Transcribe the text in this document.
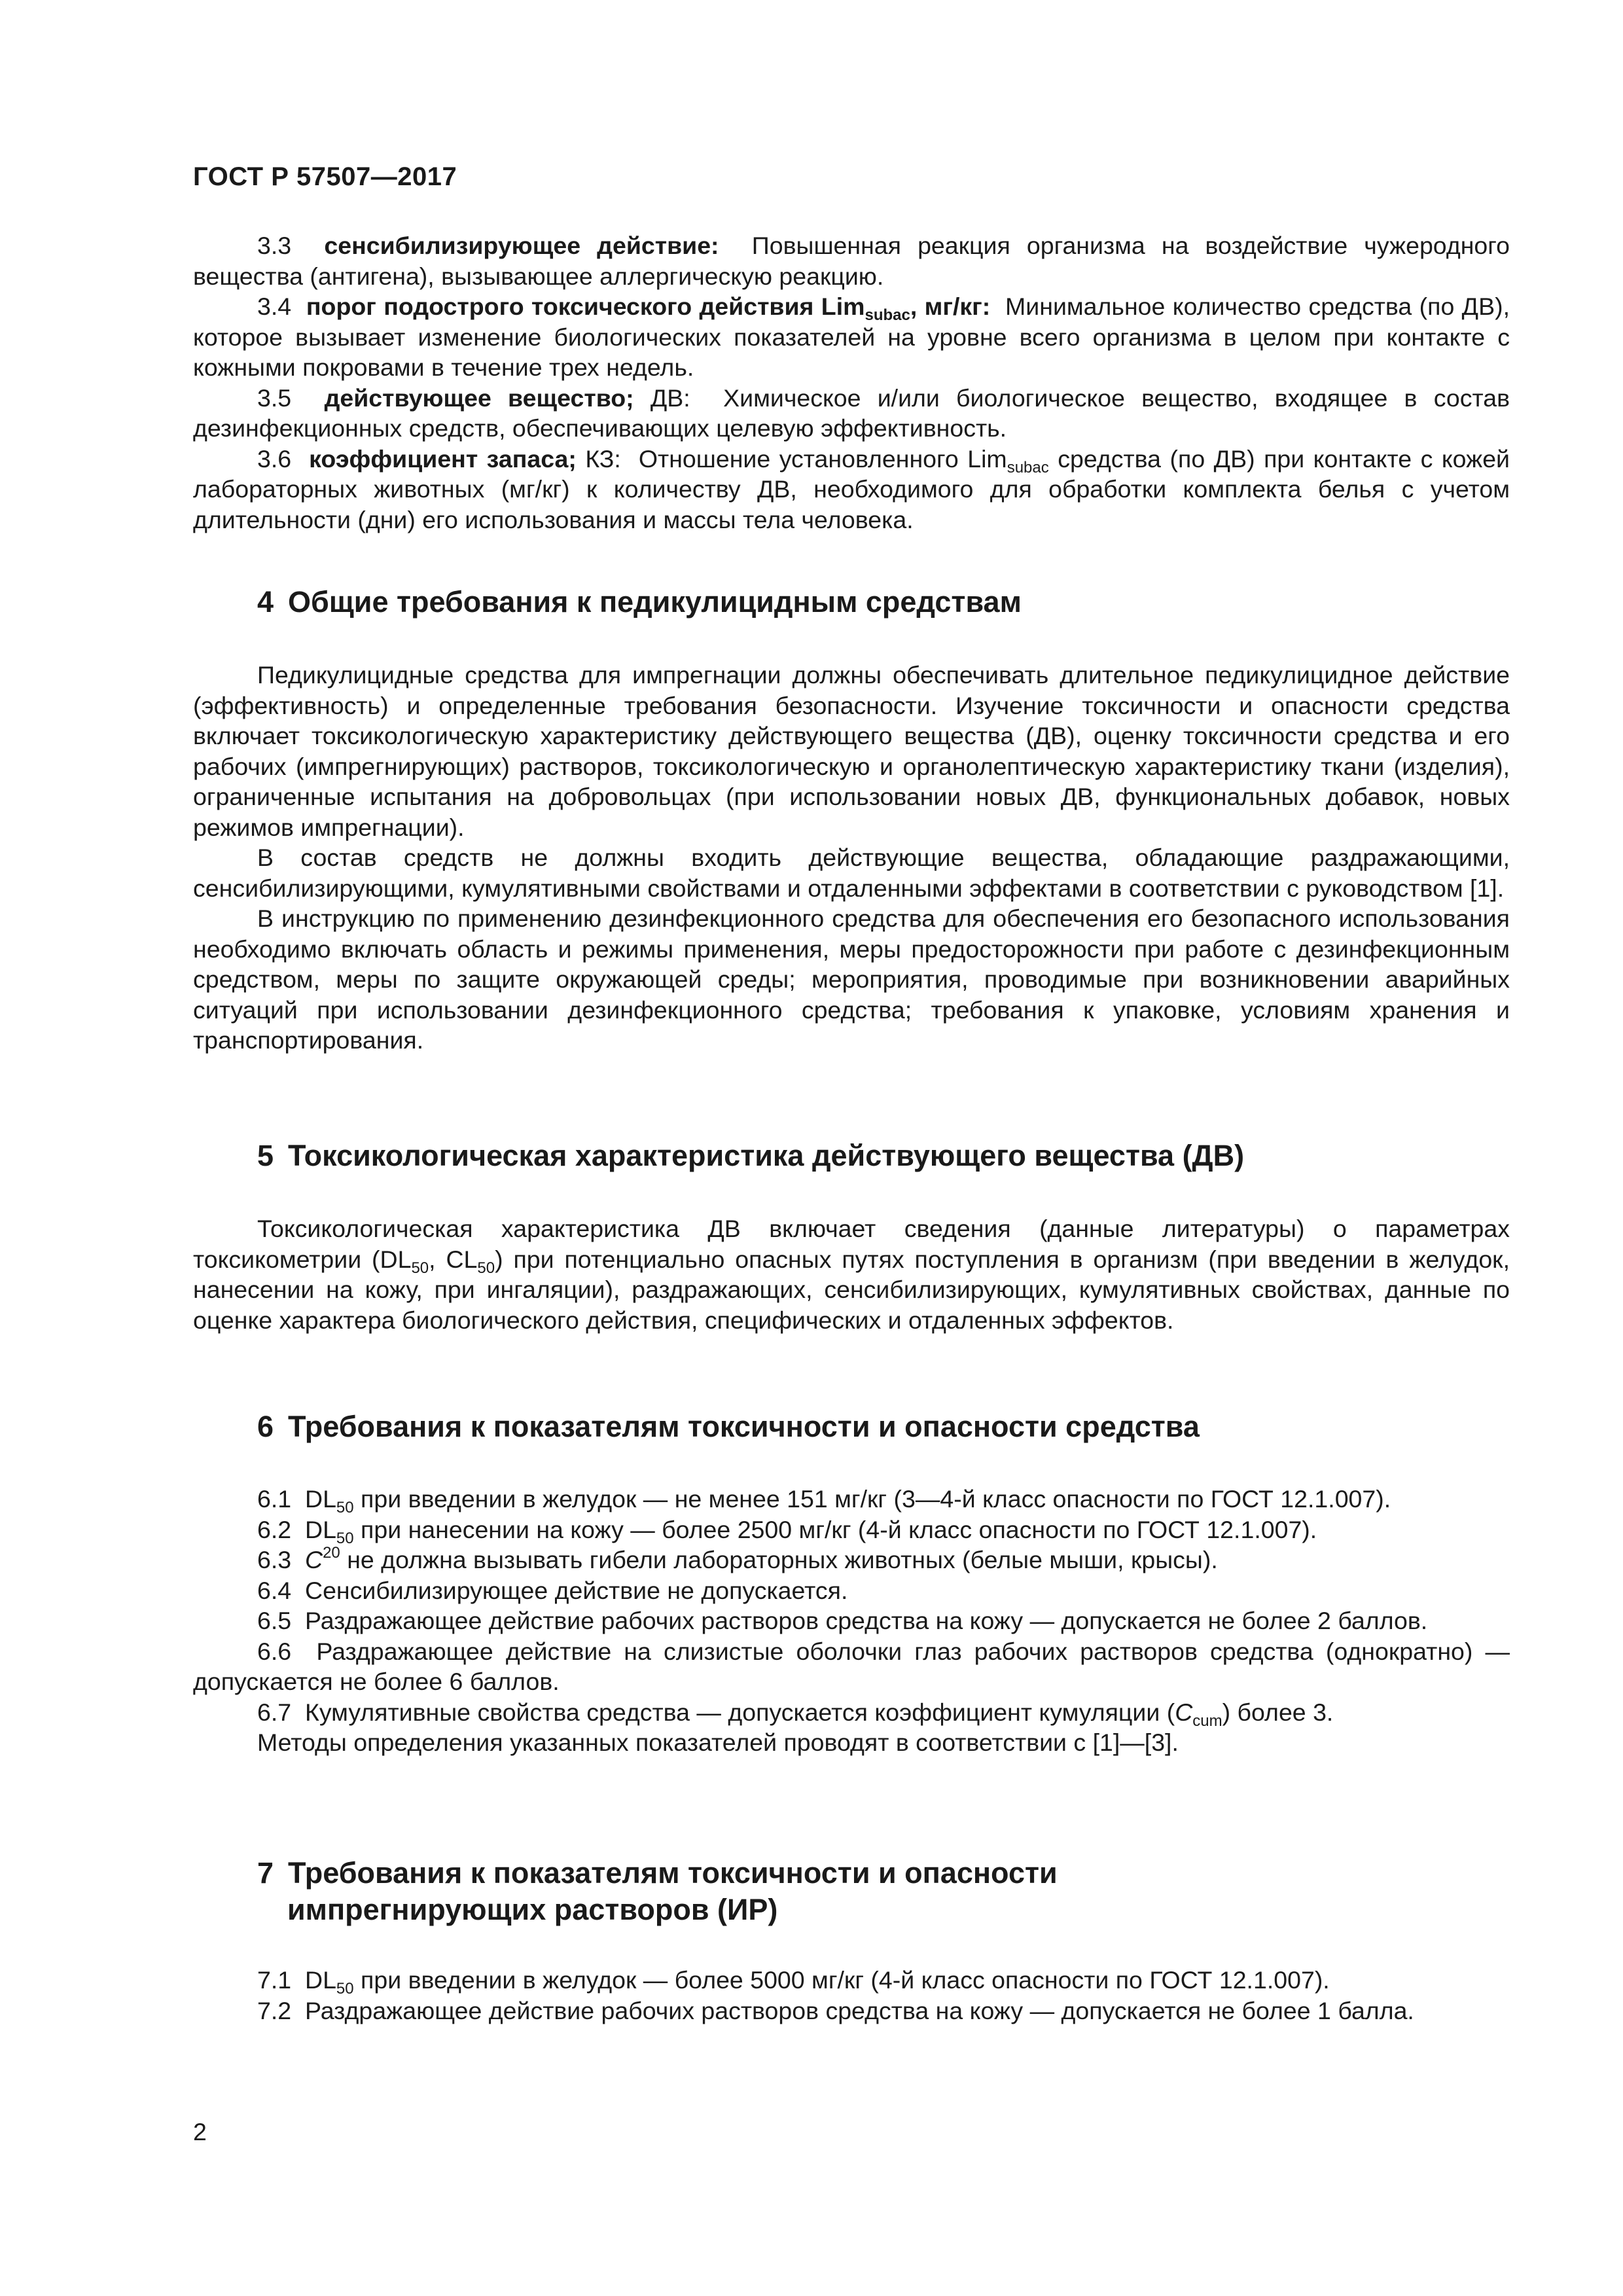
ГОСТ Р 57507—2017

3.3 сенсибилизирующее действие: Повышенная реакция организма на воздействие чужеродного вещества (антигена), вызывающее аллергическую реакцию.

3.4 порог подострого токсического действия Lim$_{subac}$, мг/кг: Минимальное количество средства (по ДВ), которое вызывает изменение биологических показателей на уровне всего организма в целом при контакте с кожными покровами в течение трех недель.

3.5 действующее вещество; ДВ: Химическое и/или биологическое вещество, входящее в состав дезинфекционных средств, обеспечивающих целевую эффективность.

3.6 коэффициент запаса; КЗ: Отношение установленного Lim$_{subac}$ средства (по ДВ) при контакте с кожей лабораторных животных (мг/кг) к количеству ДВ, необходимого для обработки комплекта белья с учетом длительности (дни) его использования и массы тела человека.

4 Общие требования к педикулицидным средствам

Педикулицидные средства для импрегнации должны обеспечивать длительное педикулицидное действие (эффективность) и определенные требования безопасности. Изучение токсичности и опасности средства включает токсикологическую характеристику действующего вещества (ДВ), оценку токсичности средства и его рабочих (импрегнирующих) растворов, токсикологическую и органолептическую характеристику ткани (изделия), ограниченные испытания на добровольцах (при использовании новых ДВ, функциональных добавок, новых режимов импрегнации).

В состав средств не должны входить действующие вещества, обладающие раздражающими, сенсибилизирующими, кумулятивными свойствами и отдаленными эффектами в соответствии с руководством [1].

В инструкцию по применению дезинфекционного средства для обеспечения его безопасного использования необходимо включать область и режимы применения, меры предосторожности при работе с дезинфекционным средством, меры по защите окружающей среды; мероприятия, проводимые при возникновении аварийных ситуаций при использовании дезинфекционного средства; требования к упаковке, условиям хранения и транспортирования.

5 Токсикологическая характеристика действующего вещества (ДВ)

Токсикологическая характеристика ДВ включает сведения (данные литературы) о параметрах токсикометрии ($DL_{50}$, $CL_{50}$) при потенциально опасных путях поступления в организм (при введении в желудок, нанесении на кожу, при ингаляции), раздражающих, сенсибилизирующих, кумулятивных свойствах, данные по оценке характера биологического действия, специфических и отдаленных эффектов.

6 Требования к показателям токсичности и опасности средства

6.1 $DL_{50}$ при введении в желудок — не менее 151 мг/кг (3—4-й класс опасности по ГОСТ 12.1.007).

6.2 $DL_{50}$ при нанесении на кожу — более 2500 мг/кг (4-й класс опасности по ГОСТ 12.1.007).

6.3 $C^{20}$ не должна вызывать гибели лабораторных животных (белые мыши, крысы).

6.4 Сенсибилизирующее действие не допускается.

6.5 Раздражающее действие рабочих растворов средства на кожу — допускается не более 2 баллов.

6.6 Раздражающее действие на слизистые оболочки глаз рабочих растворов средства (однократно) — допускается не более 6 баллов.

6.7 Кумулятивные свойства средства — допускается коэффициент кумуляции $(C_{cum})$ более 3.

Методы определения указанных показателей проводят в соответствии с [1]—[3].

7 Требования к показателям токсичности и опасности

импрегнирующих растворов (ИР)

7.1 $DL_{50}$ при введении в желудок — более 5000 мг/кг (4-й класс опасности по ГОСТ 12.1.007).

7.2 Раздражающее действие рабочих растворов средства на кожу — допускается не более 1 балла.

2
